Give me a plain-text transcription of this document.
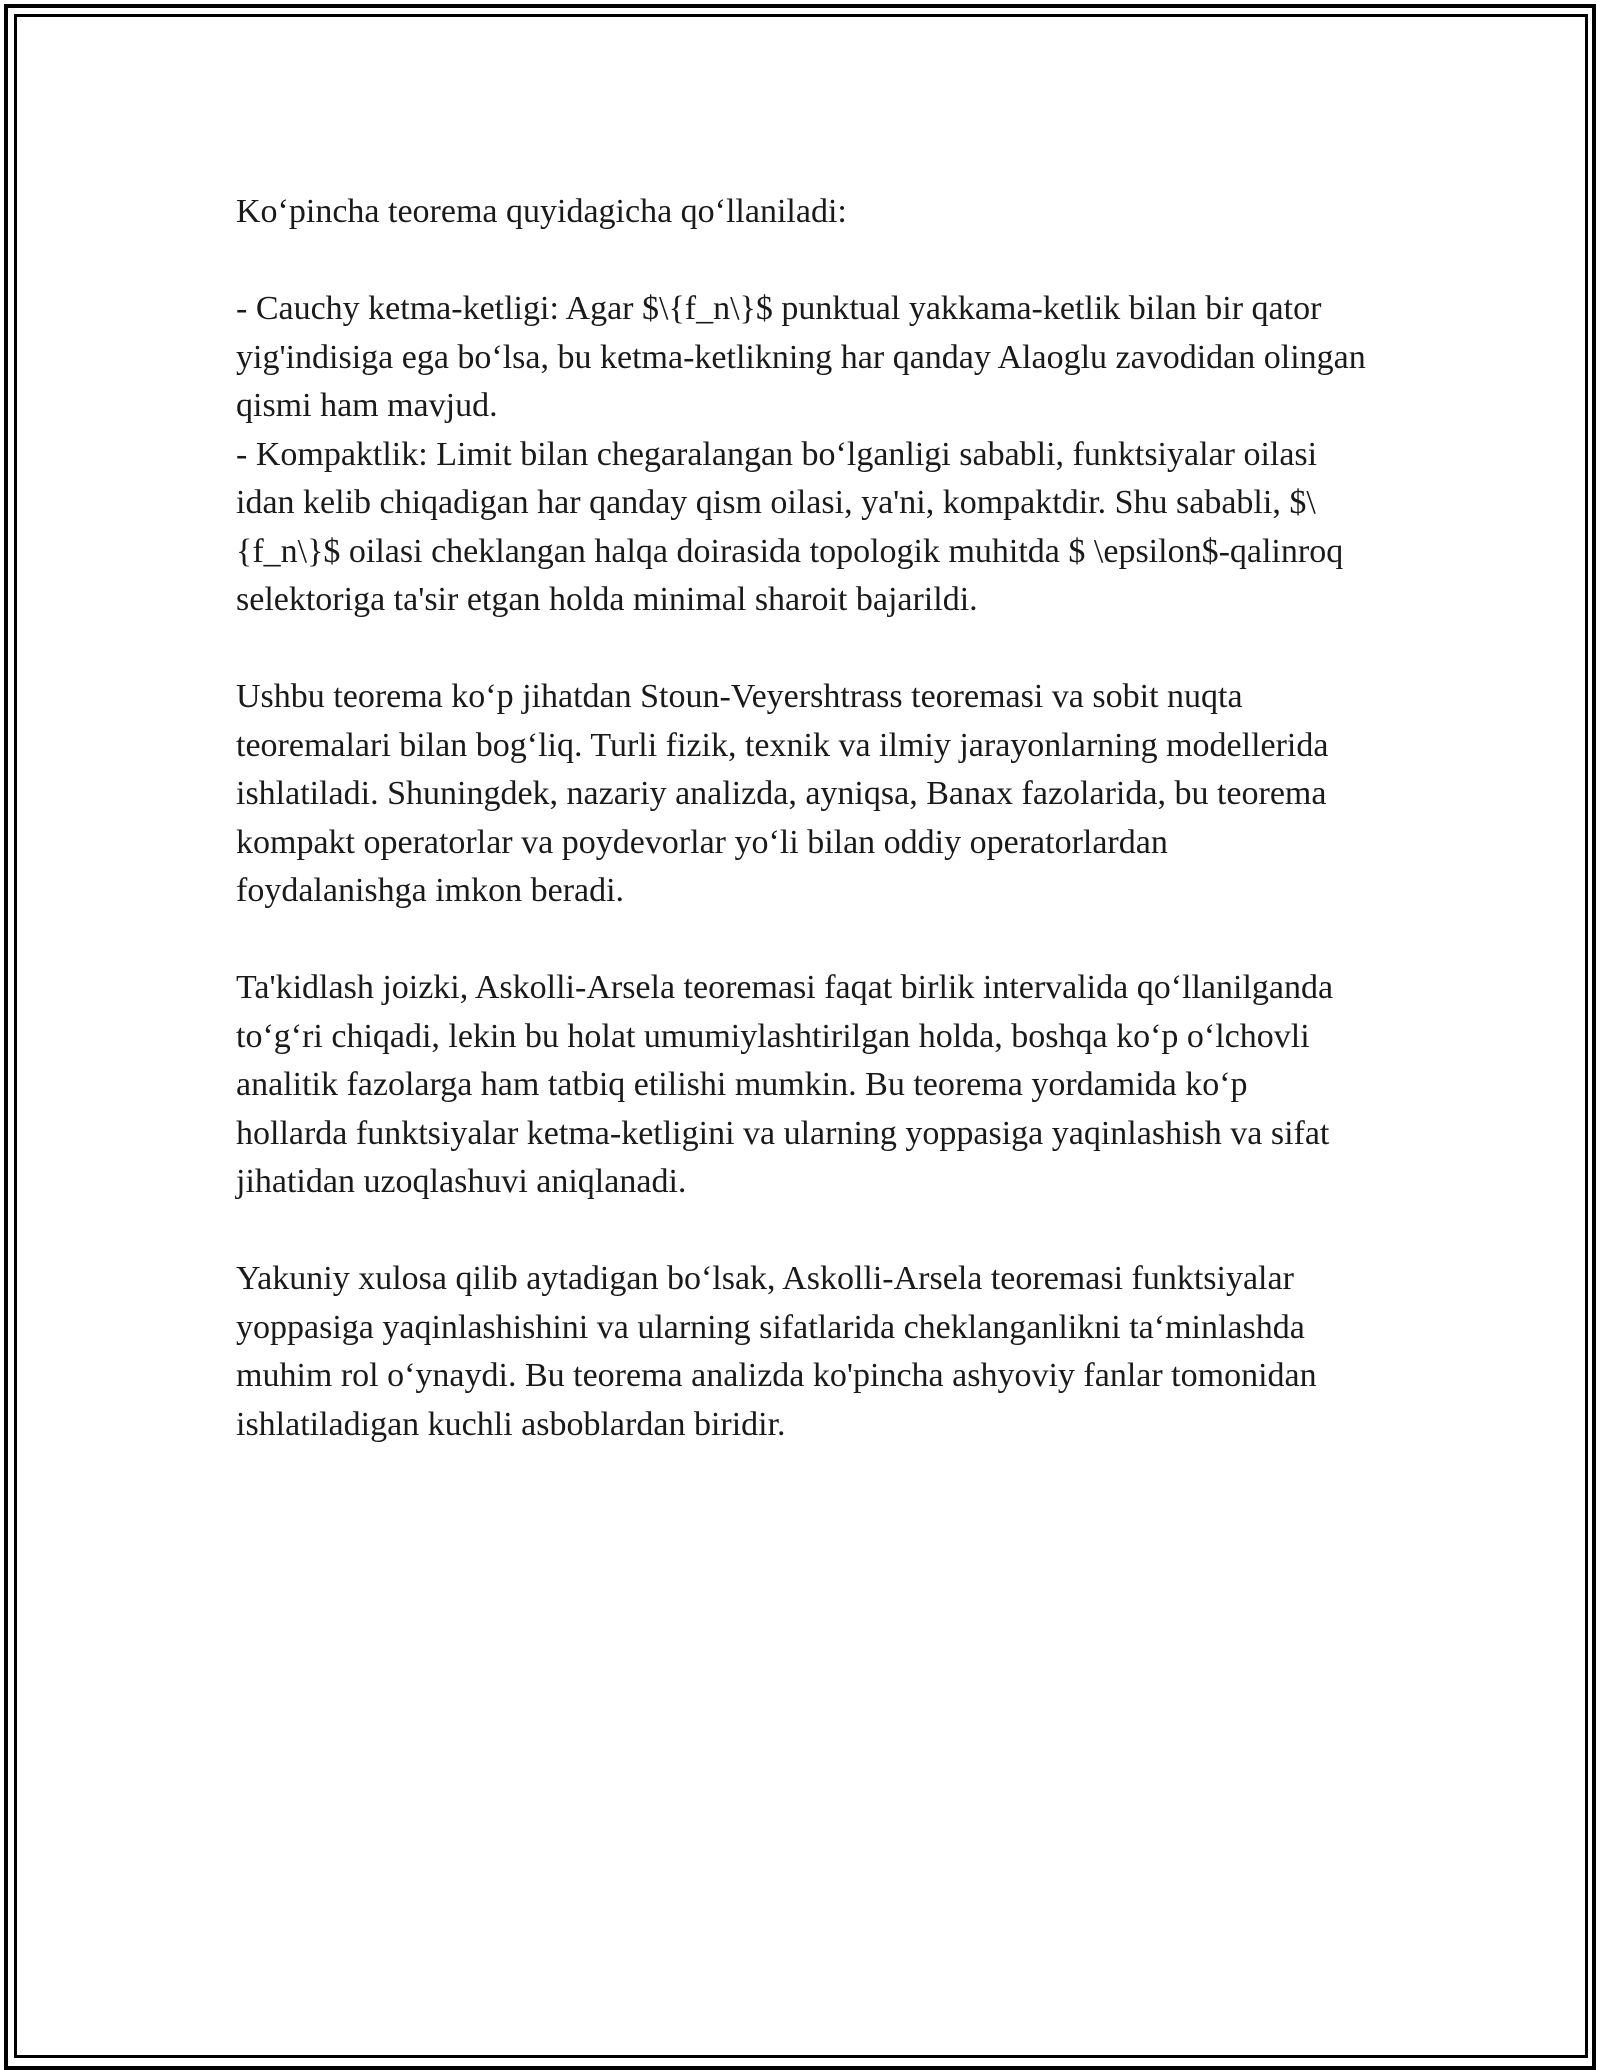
Ko‘pincha teorema quyidagicha qo‘llaniladi:

- Cauchy ketma-ketligi: Agar $\{f_n\}$ punktual yakkama-ketlik bilan bir qator yig'indisiga ega bo‘lsa, bu ketma-ketlikning har qanday Alaoglu zavodidan olingan qismi ham mavjud.
- Kompaktlik: Limit bilan chegaralangan bo‘lganligi sababli, funktsiyalar oilasi idan kelib chiqadigan har qanday qism oilasi, ya'ni, kompaktdir. Shu sababli, $\{f_n\}$ oilasi cheklangan halqa doirasida topologik muhitda $ \epsilon$-qalinroq selektoriga ta'sir etgan holda minimal sharoit bajarildi.

Ushbu teorema ko‘p jihatdan Stoun-Veyershtrass teoremasi va sobit nuqta teoremalari bilan bog‘liq. Turli fizik, texnik va ilmiy jarayonlarning modellerida ishlatiladi. Shuningdek, nazariy analizda, ayniqsa, Banax fazolarida, bu teorema kompakt operatorlar va poydevorlar yo‘li bilan oddiy operatorlardan foydalanishga imkon beradi.

Ta'kidlash joizki, Askolli-Arsela teoremasi faqat birlik intervalida qo‘llanilganda to‘g‘ri chiqadi, lekin bu holat umumiylashtirilgan holda, boshqa ko‘p o‘lchovli analitik fazolarga ham tatbiq etilishi mumkin. Bu teorema yordamida ko‘p hollarda funktsiyalar ketma-ketligini va ularning yoppasiga yaqinlashish va sifat jihatidan uzoqlashuvi aniqlanadi.

Yakuniy xulosa qilib aytadigan bo‘lsak, Askolli-Arsela teoremasi funktsiyalar yoppasiga yaqinlashishini va ularning sifatlarida cheklanganlikni ta‘minlashda muhim rol o‘ynaydi. Bu teorema analizda ko'pincha ashyoviy fanlar tomonidan ishlatiladigan kuchli asboblardan biridir.
